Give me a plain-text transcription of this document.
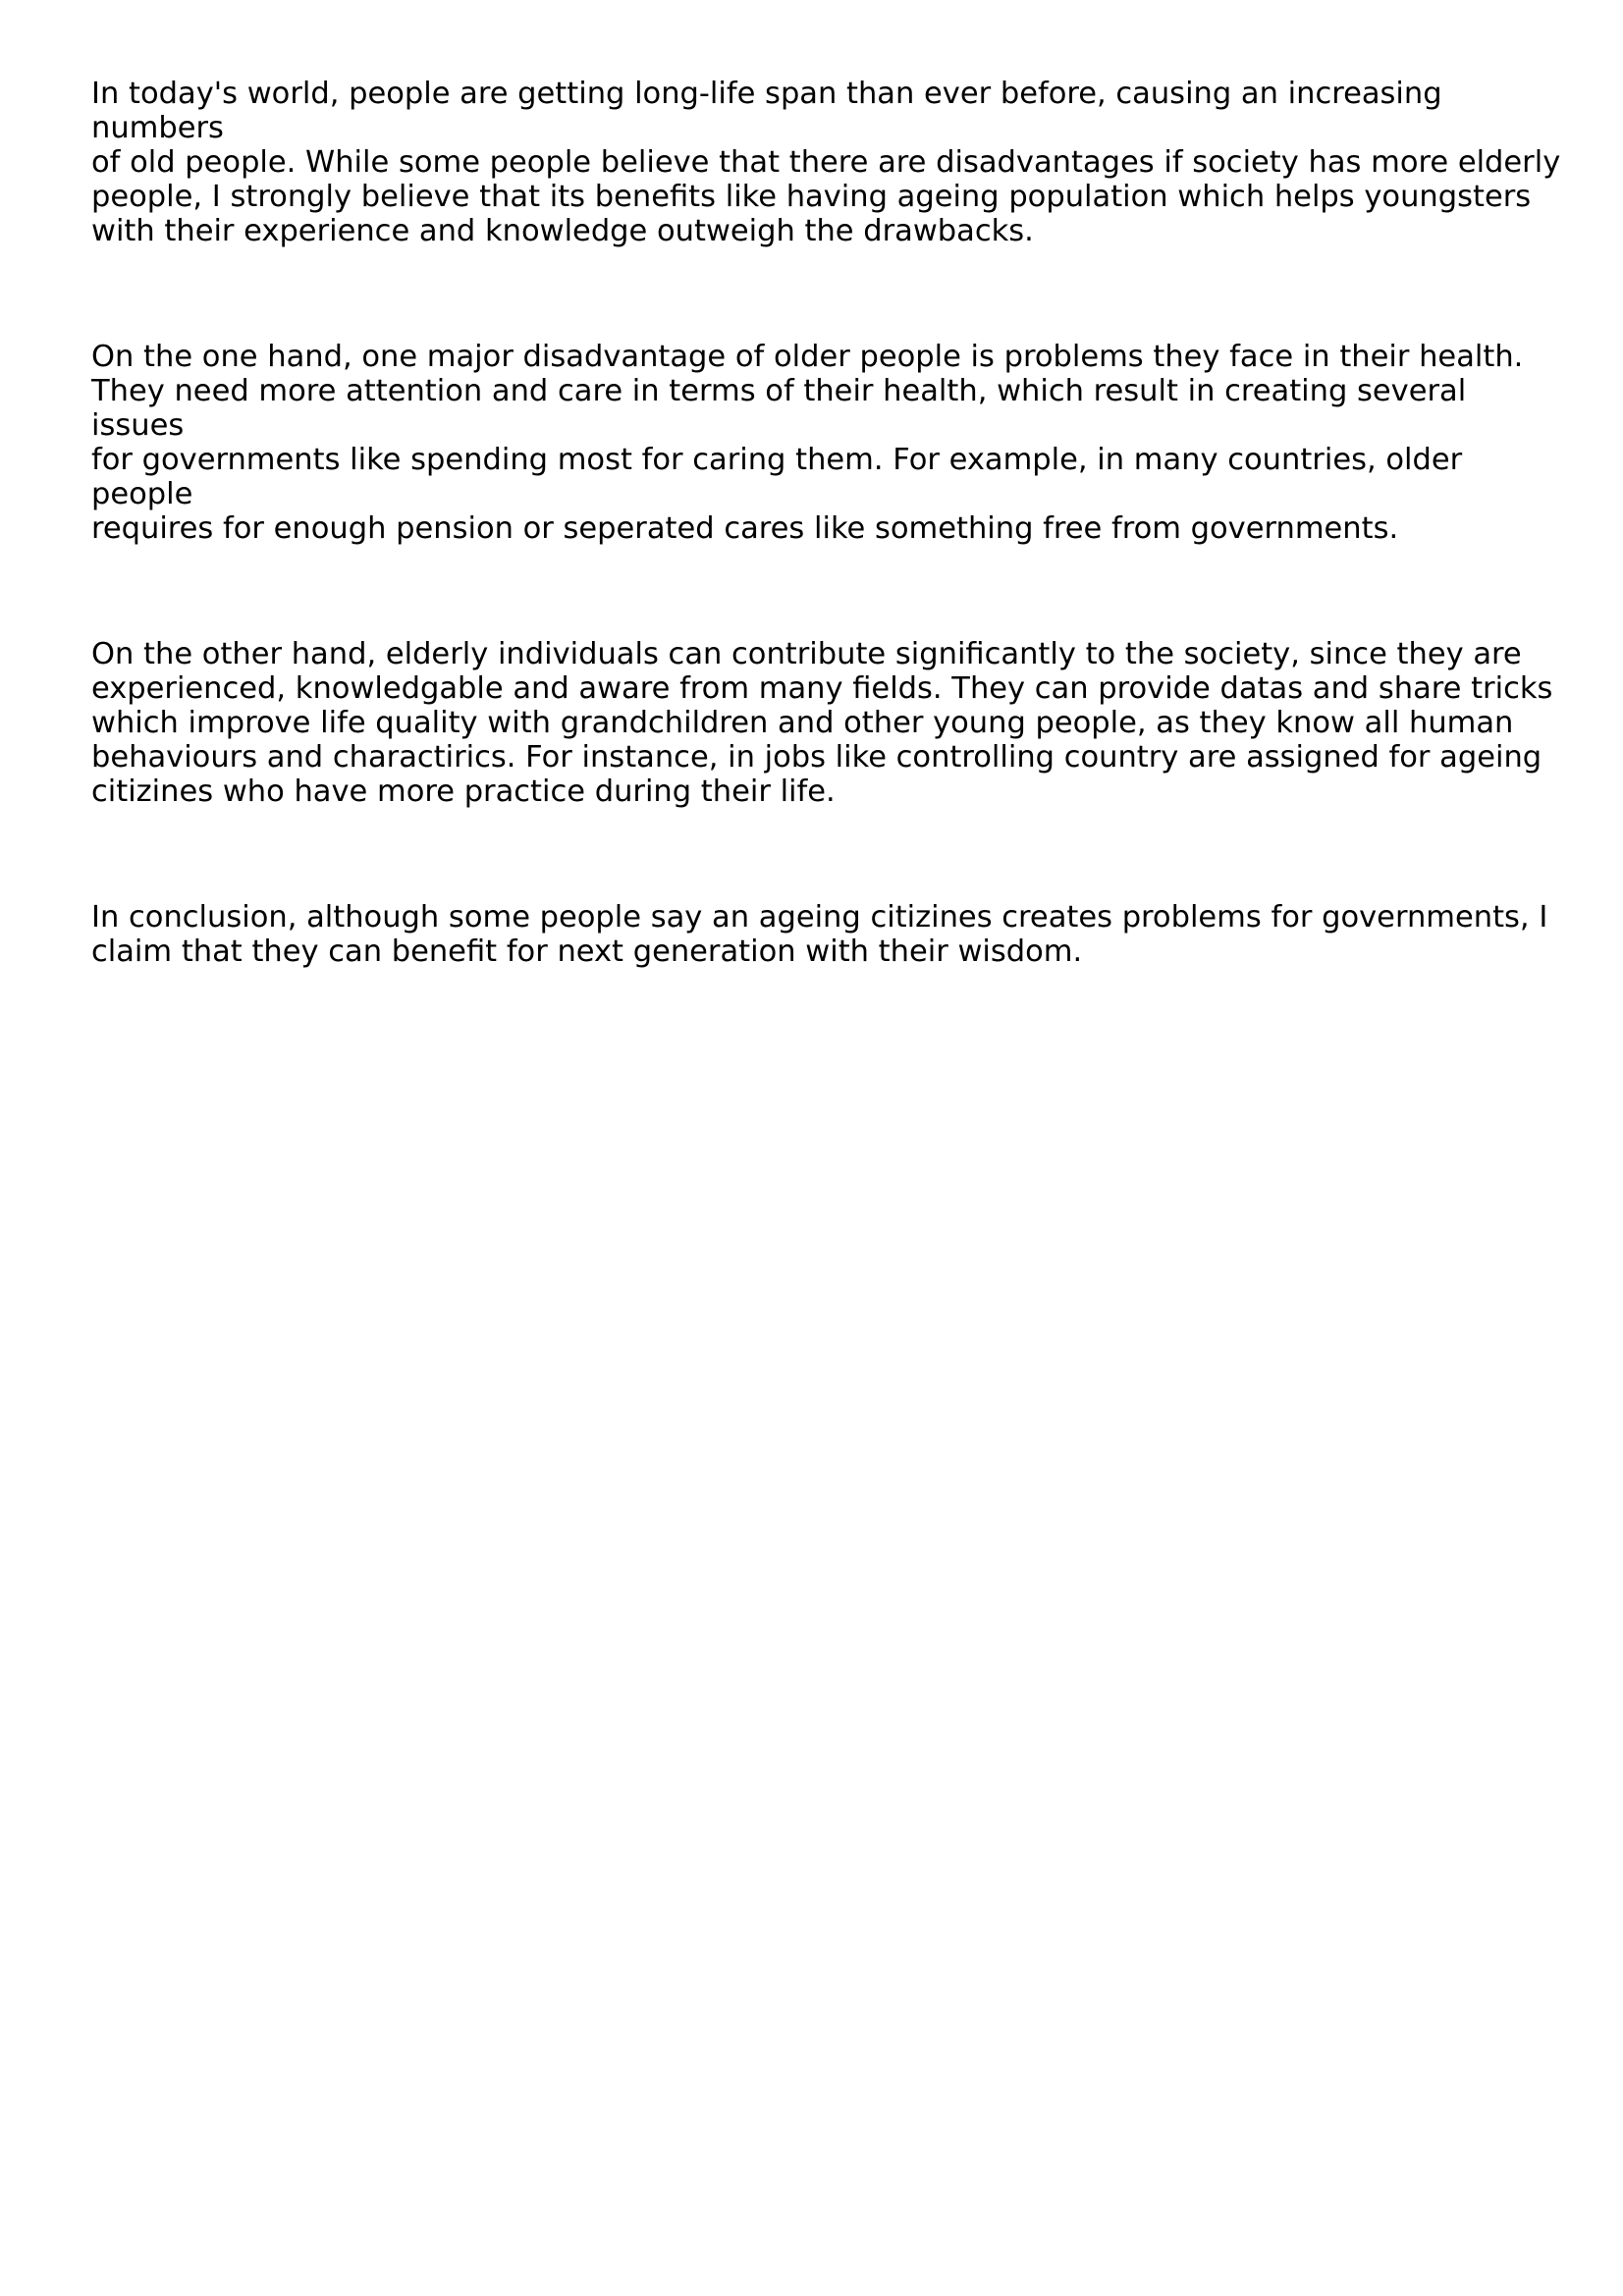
In today's world, people are getting long-life span than ever before, causing an increasing numbers
of old people. While some people believe that there are disadvantages if society has more elderly
people, I strongly believe that its benefits like having ageing population which helps youngsters
with their experience and knowledge outweigh the drawbacks.

On the one hand, one major disadvantage of older people is problems they face in their health.
They need more attention and care in terms of their health, which result in creating several issues
for governments like spending most for caring them. For example, in many countries, older people
requires for enough pension or seperated cares like something free from governments.

On the other hand, elderly individuals can contribute significantly to the society, since they are
experienced, knowledgable and aware from many fields. They can provide datas and share tricks
which improve life quality with grandchildren and other young people, as they know all human
behaviours and charactirics. For instance, in jobs like controlling country are assigned for ageing
citizines who have more practice during their life.

In conclusion, although some people say an ageing citizines creates problems for governments, I
claim that they can benefit for next generation with their wisdom.
